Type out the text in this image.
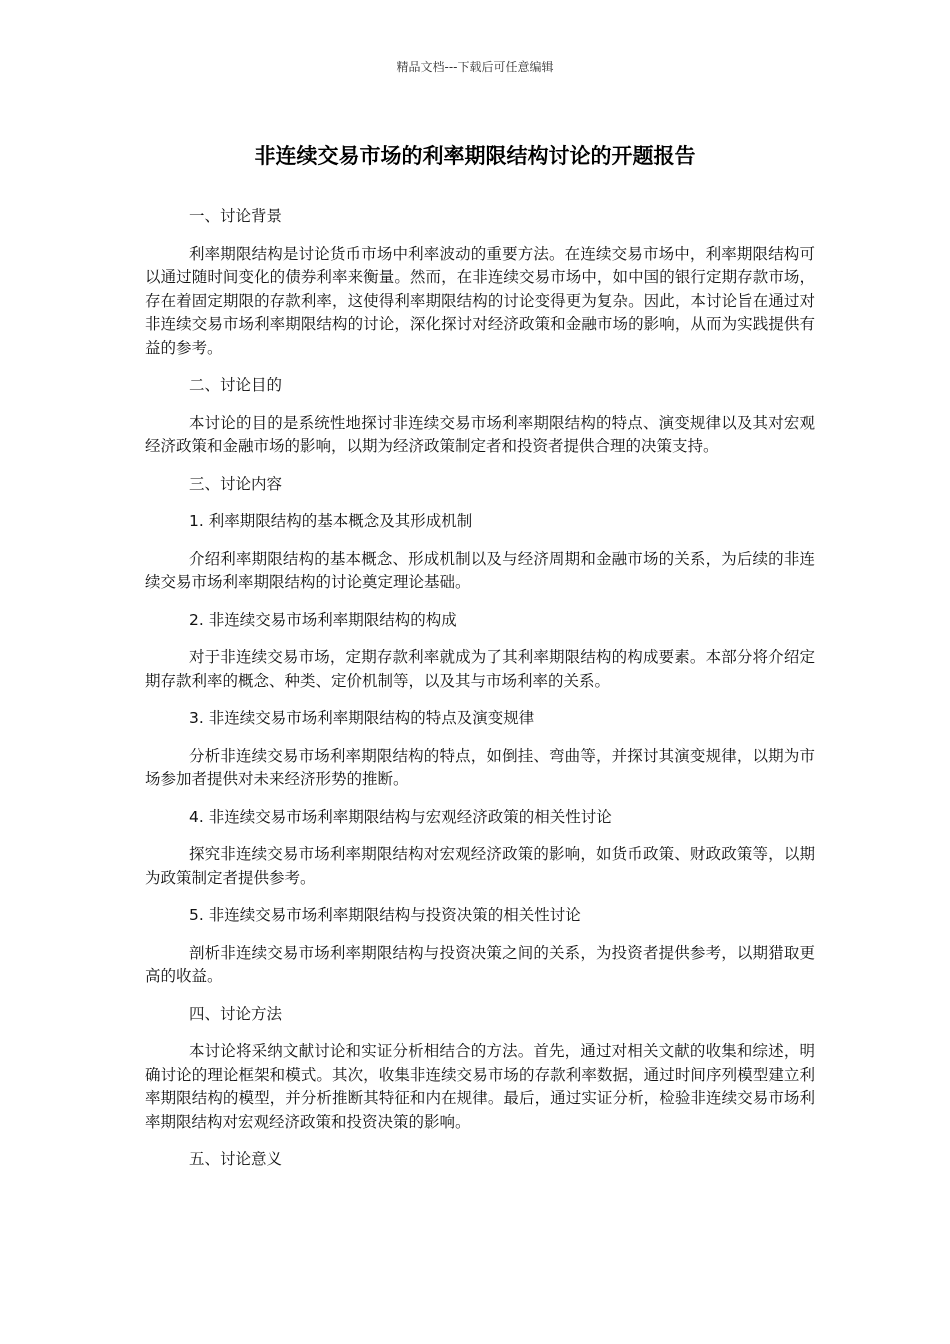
精品文档---下载后可任意编辑
非连续交易市场的利率期限结构讨论的开题报告
一、讨论背景
利率期限结构是讨论货币市场中利率波动的重要方法。在连续交易市场中，利率期限结构可以通过随时间变化的债券利率来衡量。然而，在非连续交易市场中，如中国的银行定期存款市场，存在着固定期限的存款利率，这使得利率期限结构的讨论变得更为复杂。因此，本讨论旨在通过对非连续交易市场利率期限结构的讨论，深化探讨对经济政策和金融市场的影响，从而为实践提供有益的参考。
二、讨论目的
本讨论的目的是系统性地探讨非连续交易市场利率期限结构的特点、演变规律以及其对宏观经济政策和金融市场的影响，以期为经济政策制定者和投资者提供合理的决策支持。
三、讨论内容
1. 利率期限结构的基本概念及其形成机制
介绍利率期限结构的基本概念、形成机制以及与经济周期和金融市场的关系，为后续的非连续交易市场利率期限结构的讨论奠定理论基础。
2. 非连续交易市场利率期限结构的构成
对于非连续交易市场，定期存款利率就成为了其利率期限结构的构成要素。本部分将介绍定期存款利率的概念、种类、定价机制等，以及其与市场利率的关系。
3. 非连续交易市场利率期限结构的特点及演变规律
分析非连续交易市场利率期限结构的特点，如倒挂、弯曲等，并探讨其演变规律，以期为市场参加者提供对未来经济形势的推断。
4. 非连续交易市场利率期限结构与宏观经济政策的相关性讨论
探究非连续交易市场利率期限结构对宏观经济政策的影响，如货币政策、财政政策等，以期为政策制定者提供参考。
5. 非连续交易市场利率期限结构与投资决策的相关性讨论
剖析非连续交易市场利率期限结构与投资决策之间的关系，为投资者提供参考，以期猎取更高的收益。
四、讨论方法
本讨论将采纳文献讨论和实证分析相结合的方法。首先，通过对相关文献的收集和综述，明确讨论的理论框架和模式。其次，收集非连续交易市场的存款利率数据，通过时间序列模型建立利率期限结构的模型，并分析推断其特征和内在规律。最后，通过实证分析，检验非连续交易市场利率期限结构对宏观经济政策和投资决策的影响。
五、讨论意义
